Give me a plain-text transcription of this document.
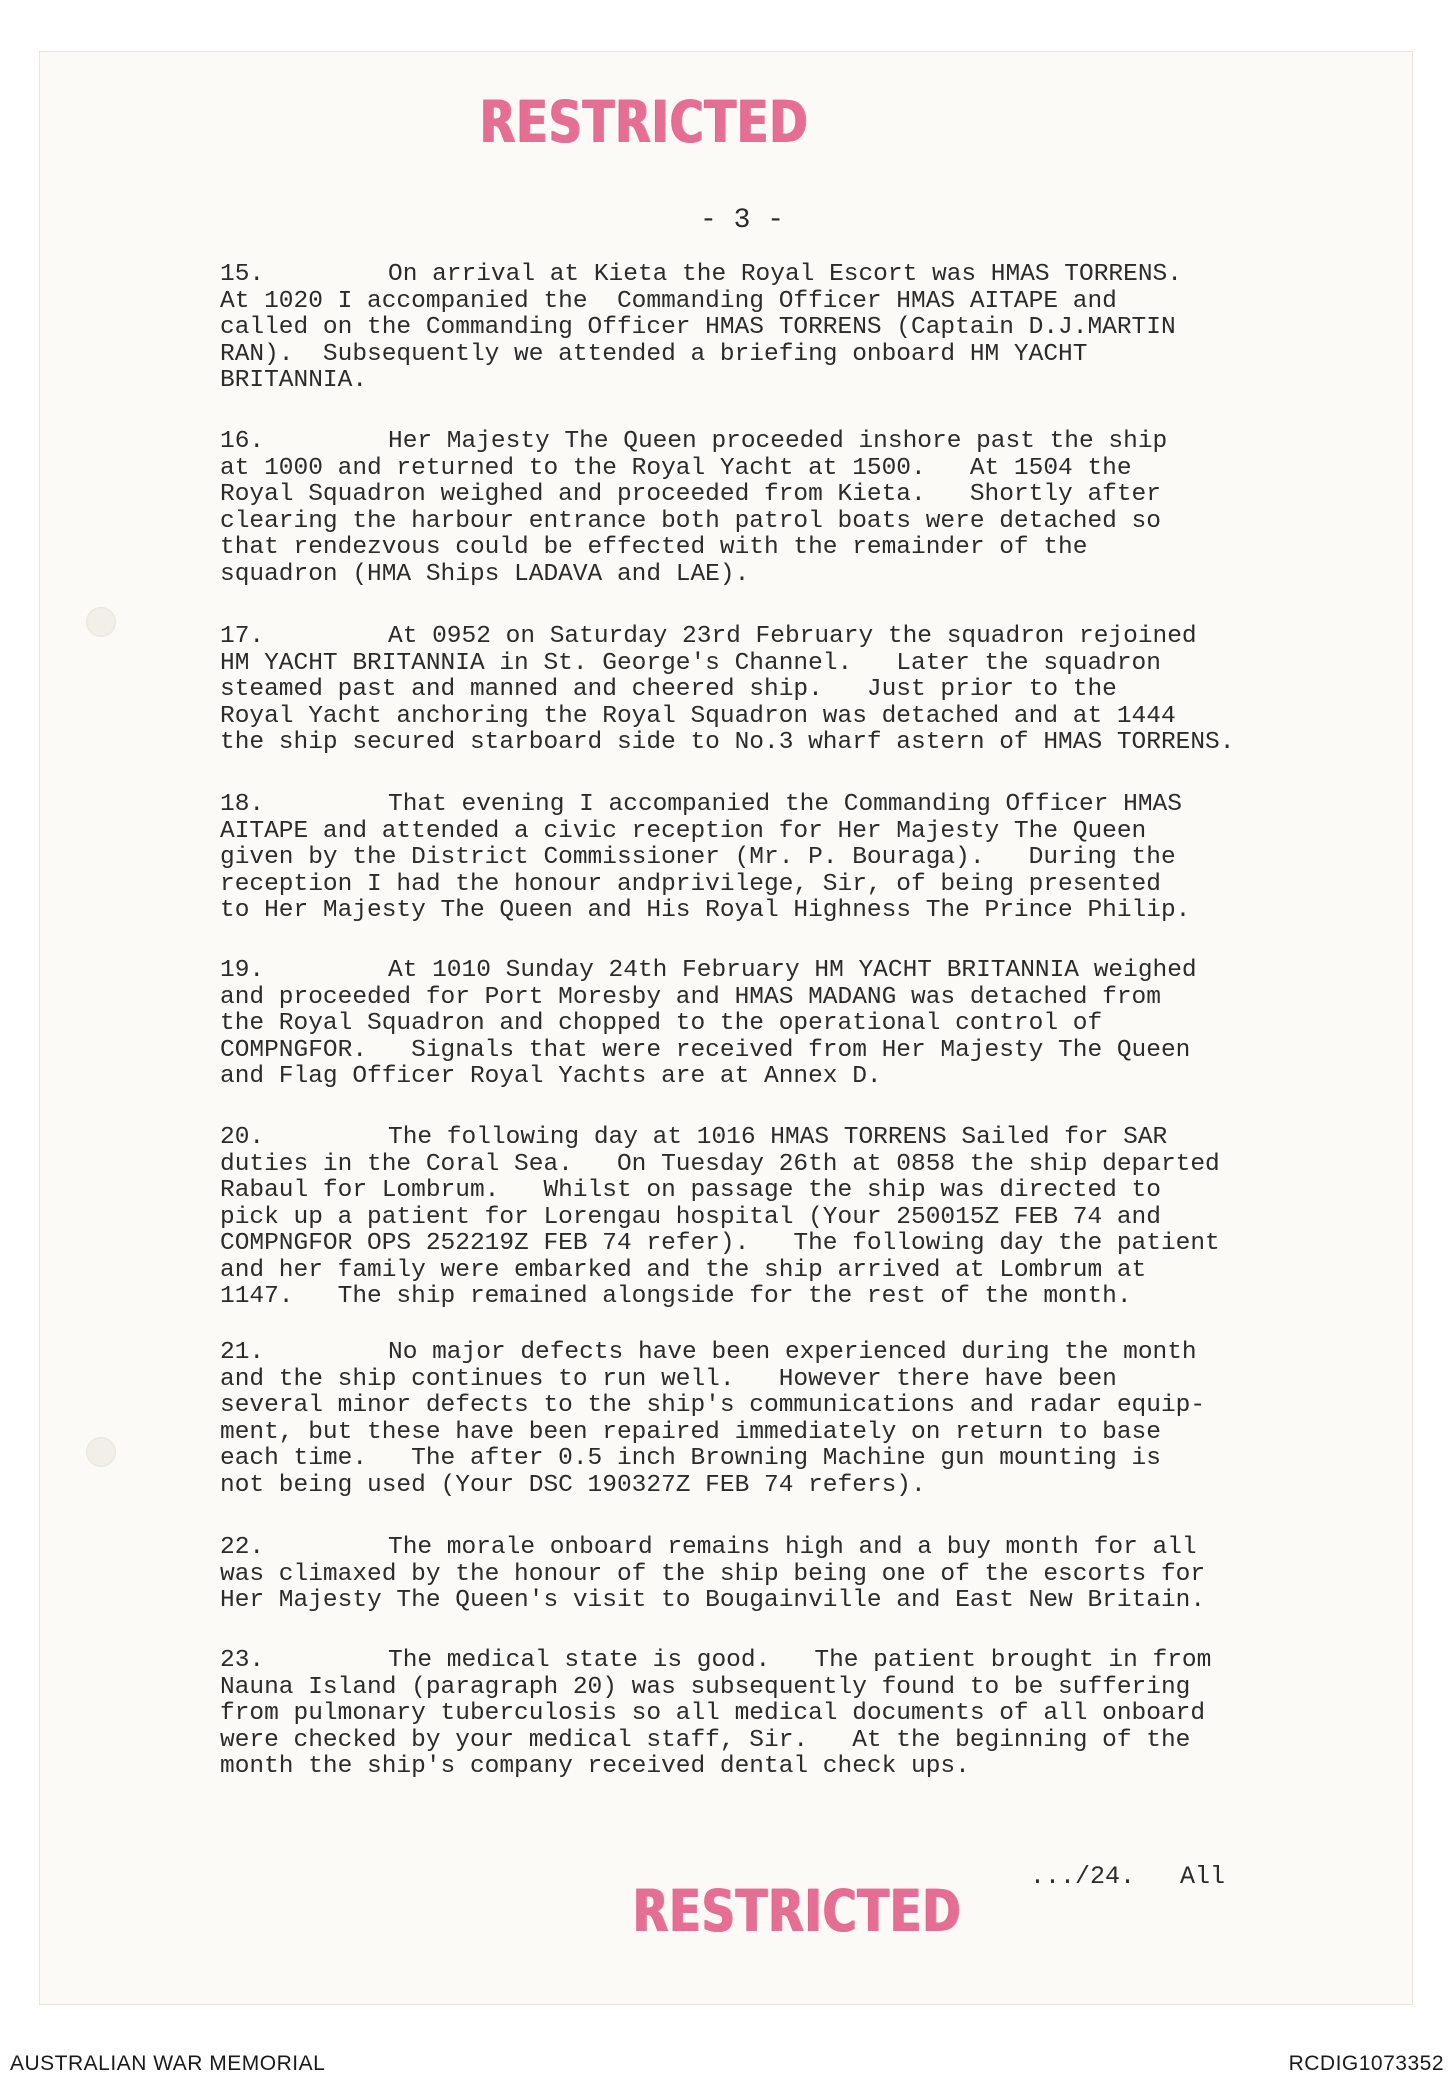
RESTRICTED
- 3 -
15.	On arrival at Kieta the Royal Escort was HMAS TORRENS.
At 1020 I accompanied the  Commanding Officer HMAS AITAPE and
called on the Commanding Officer HMAS TORRENS (Captain D.J.MARTIN
RAN).  Subsequently we attended a briefing onboard HM YACHT
BRITANNIA.
16.	Her Majesty The Queen proceeded inshore past the ship
at 1000 and returned to the Royal Yacht at 1500.   At 1504 the
Royal Squadron weighed and proceeded from Kieta.   Shortly after
clearing the harbour entrance both patrol boats were detached so
that rendezvous could be effected with the remainder of the
squadron (HMA Ships LADAVA and LAE).
17.	At 0952 on Saturday 23rd February the squadron rejoined
HM YACHT BRITANNIA in St. George's Channel.   Later the squadron
steamed past and manned and cheered ship.   Just prior to the
Royal Yacht anchoring the Royal Squadron was detached and at 1444
the ship secured starboard side to No.3 wharf astern of HMAS TORRENS.
18.	That evening I accompanied the Commanding Officer HMAS
AITAPE and attended a civic reception for Her Majesty The Queen
given by the District Commissioner (Mr. P. Bouraga).   During the
reception I had the honour andprivilege, Sir, of being presented
to Her Majesty The Queen and His Royal Highness The Prince Philip.
19.	At 1010 Sunday 24th February HM YACHT BRITANNIA weighed
and proceeded for Port Moresby and HMAS MADANG was detached from
the Royal Squadron and chopped to the operational control of
COMPNGFOR.   Signals that were received from Her Majesty The Queen
and Flag Officer Royal Yachts are at Annex D.
20.	The following day at 1016 HMAS TORRENS Sailed for SAR
duties in the Coral Sea.   On Tuesday 26th at 0858 the ship departed
Rabaul for Lombrum.   Whilst on passage the ship was directed to
pick up a patient for Lorengau hospital (Your 250015Z FEB 74 and
COMPNGFOR OPS 252219Z FEB 74 refer).   The following day the patient
and her family were embarked and the ship arrived at Lombrum at
1147.   The ship remained alongside for the rest of the month.
21.	No major defects have been experienced during the month
and the ship continues to run well.   However there have been
several minor defects to the ship's communications and radar equip-
ment, but these have been repaired immediately on return to base
each time.   The after 0.5 inch Browning Machine gun mounting is
not being used (Your DSC 190327Z FEB 74 refers).
22.	The morale onboard remains high and a buy month for all
was climaxed by the honour of the ship being one of the escorts for
Her Majesty The Queen's visit to Bougainville and East New Britain.
23.	The medical state is good.   The patient brought in from
Nauna Island (paragraph 20) was subsequently found to be suffering
from pulmonary tuberculosis so all medical documents of all onboard
were checked by your medical staff, Sir.   At the beginning of the
month the ship's company received dental check ups.
.../24.   All
RESTRICTED
AUSTRALIAN WAR MEMORIAL	RCDIG1073352
